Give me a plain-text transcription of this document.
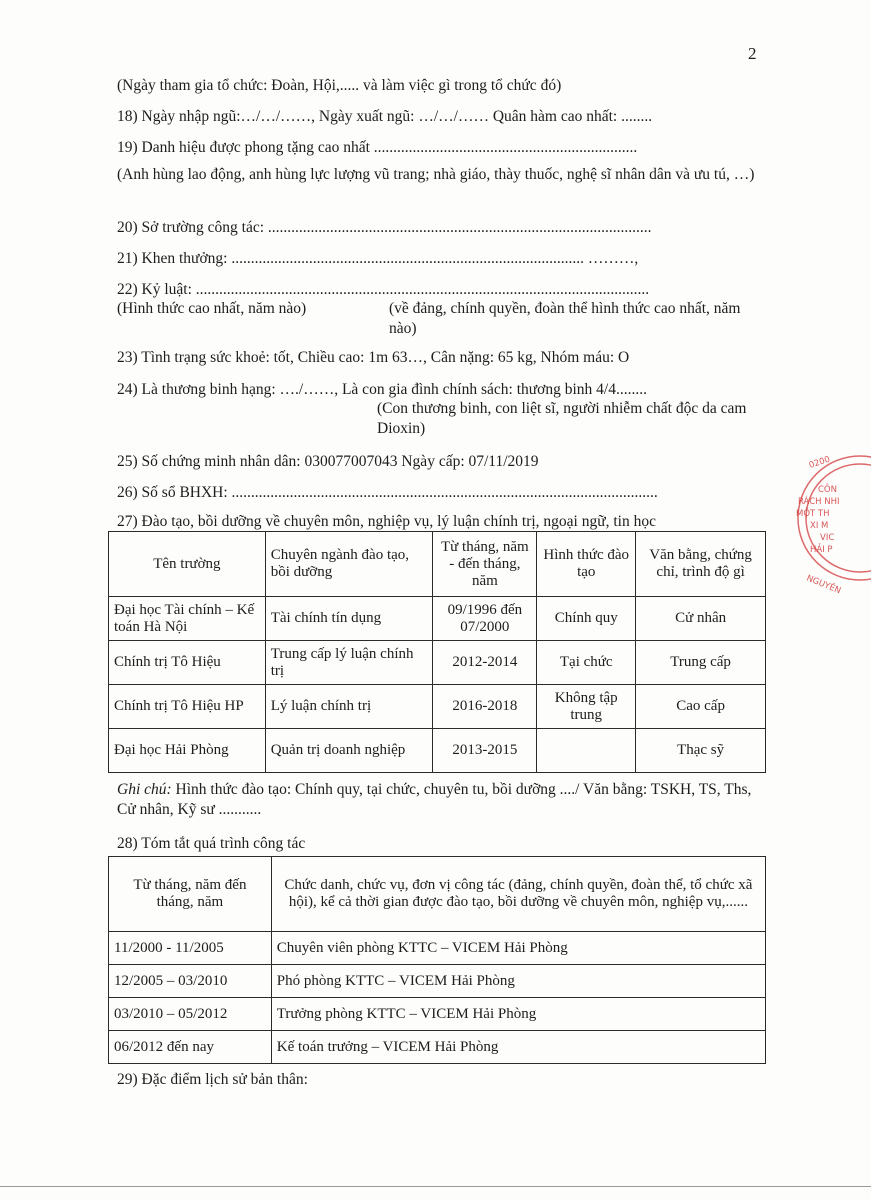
2
(Ngày tham gia tổ chức: Đoàn, Hội,..... và làm việc gì trong tổ chức đó)
18) Ngày nhập ngũ:…/…/……, Ngày xuất ngũ: …/…/…… Quân hàm cao nhất: ........
19) Danh hiệu được phong tặng cao nhất ....................................................................
(Anh hùng lao động, anh hùng lực lượng vũ trang; nhà giáo, thày thuốc, nghệ sĩ nhân dân và ưu tú, …)
20) Sở trường công tác: ...................................................................................................
21) Khen thưởng: ........................................................................................... ………,
22) Kỷ luật: .....................................................................................................................
(Hình thức cao nhất, năm nào)	(về đảng, chính quyền, đoàn thể hình thức cao nhất, năm nào)
23) Tình trạng sức khoẻ: tốt, Chiều cao: 1m 63…, Cân nặng: 65 kg, Nhóm máu: O
24) Là thương binh hạng: …./……, Là con gia đình chính sách: thương binh 4/4........
(Con thương binh, con liệt sĩ, người nhiễm chất độc da cam Dioxin)
25) Số chứng minh nhân dân: 030077007043 Ngày cấp: 07/11/2019
26) Số sổ BHXH: ..............................................................................................................
27) Đào tạo, bồi dưỡng về chuyên môn, nghiệp vụ, lý luận chính trị, ngoại ngữ, tin học
Tên trường	Chuyên ngành đào tạo, bồi dưỡng	Từ tháng, năm - đến tháng, năm	Hình thức đào tạo	Văn bằng, chứng chỉ, trình độ gì
Đại học Tài chính – Kế toán Hà Nội	Tài chính tín dụng	09/1996 đến 07/2000	Chính quy	Cử nhân
Chính trị Tô Hiệu	Trung cấp lý luận chính trị	2012-2014	Tại chức	Trung cấp
Chính trị Tô Hiệu HP	Lý luận chính trị	2016-2018	Không tập trung	Cao cấp
Đại học Hải Phòng	Quản trị doanh nghiệp	2013-2015		Thạc sỹ
Ghi chú: Hình thức đào tạo: Chính quy, tại chức, chuyên tu, bồi dưỡng ..../ Văn bằng: TSKH, TS, Ths, Cử nhân, Kỹ sư ...........
28) Tóm tắt quá trình công tác
Từ tháng, năm đến tháng, năm	Chức danh, chức vụ, đơn vị công tác (đảng, chính quyền, đoàn thể, tổ chức xã hội), kể cả thời gian được đào tạo, bồi dưỡng về chuyên môn, nghiệp vụ,......
11/2000 - 11/2005	Chuyên viên phòng KTTC – VICEM Hải Phòng
12/2005 – 03/2010	Phó phòng KTTC – VICEM Hải Phòng
03/2010 – 05/2012	Trưởng phòng KTTC – VICEM Hải Phòng
06/2012 đến nay	Kế toán trưởng – VICEM Hải Phòng
29) Đặc điểm lịch sử bản thân:
0200
CÔN
RÁCH NHI
MỘT TH
XI M
VIC
HẢI P
NGUYÊN
